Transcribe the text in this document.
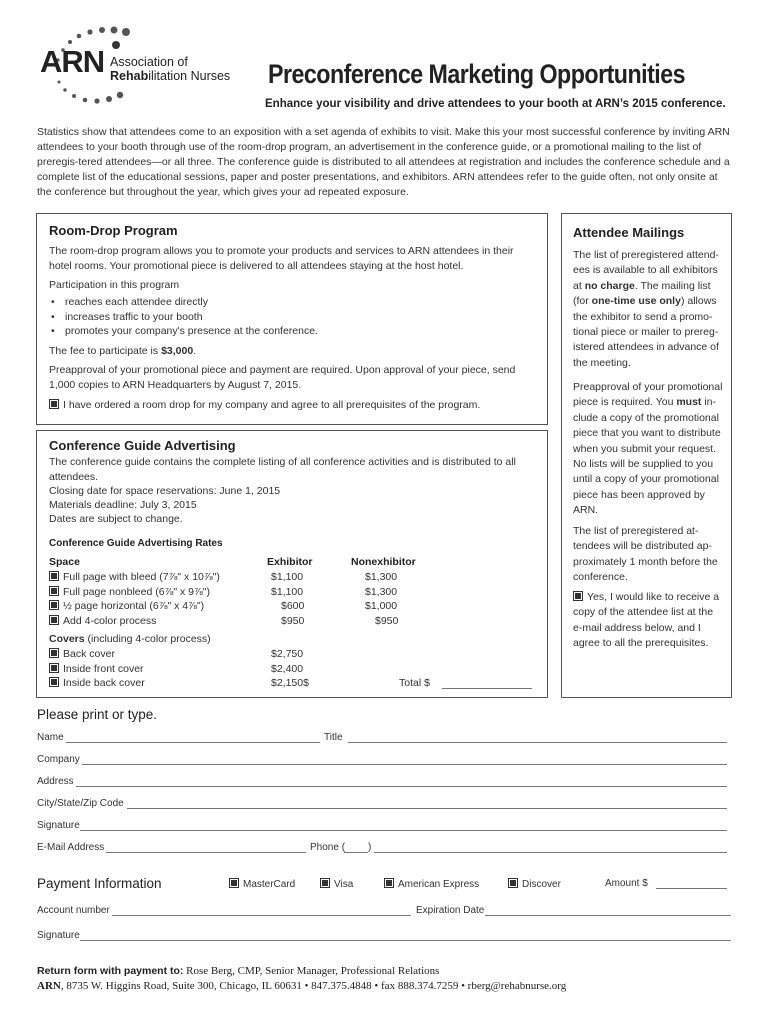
ARN Association of
Rehabilitation Nurses Preconference Marketing Opportunities
Enhance your visibility and drive attendees to your booth at ARN’s 2015 conference.
Statistics show that attendees come to an exposition with a set agenda of exhibits to visit. Make this your most successful conference by inviting ARN attendees to your booth through use of the room-drop program, an advertisement in the conference guide, or a promotional mailing to the list of preregis-tered attendees—or all three. The conference guide is distributed to all attendees at registration and includes the conference schedule and a complete list of the educational sessions, paper and poster presentations, and exhibitors. ARN attendees refer to the guide often, not only onsite at the conference but throughout the year, which gives your ad repeated exposure.
Room-Drop Program
The room-drop program allows you to promote your products and services to ARN attendees in their hotel rooms. Your promotional piece is delivered to all attendees staying at the host hotel.
Participation in this program
• reaches each attendee directly
• increases traffic to your booth
• promotes your company's presence at the conference.
The fee to participate is $3,000.
Preapproval of your promotional piece and payment are required. Upon approval of your piece, send 1,000 copies to ARN Headquarters by August 7, 2015.
I have ordered a room drop for my company and agree to all prerequisites of the program.
Conference Guide Advertising
The conference guide contains the complete listing of all conference activities and is distributed to all attendees.
Closing date for space reservations: June 1, 2015
Materials deadline: July 3, 2015
Dates are subject to change.
Conference Guide Advertising Rates
Space	Exhibitor	Nonexhibitor
Full page with bleed (7⅞" x 10⅞")	$1,100	$1,300
Full page nonbleed (6⅞" x 9⅞")	$1,100	$1,300
½ page horizontal (6⅞" x 4⅞")	$600	$1,000
Add 4-color process	$950	$950
Covers (including 4-color process)
Back cover	$2,750
Inside front cover	$2,400
Inside back cover	$2,150$	Total $
Attendee Mailings
The list of preregistered attend-ees is available to all exhibitors at no charge. The mailing list (for one-time use only) allows the exhibitor to send a promo-tional piece or mailer to prereg-istered attendees in advance of the meeting.
Preapproval of your promotional piece is required. You must in-clude a copy of the promotional piece that you want to distribute when you submit your request. No lists will be supplied to you until a copy of your promotional piece has been approved by ARN.
The list of preregistered at-tendees will be distributed ap-proximately 1 month before the conference.
Yes, I would like to receive a copy of the attendee list at the e-mail address below, and I agree to all the prerequisites.
Please print or type.
Name	Title
Company
Address
City/State/Zip Code
Signature
E-Mail Address	Phone ( )
Payment Information	MasterCard	Visa	American Express	Discover	Amount $
Account number	Expiration Date
Signature
Return form with payment to: Rose Berg, CMP, Senior Manager, Professional Relations
ARN, 8735 W. Higgins Road, Suite 300, Chicago, IL 60631 • 847.375.4848 • fax 888.374.7259 • rberg@rehabnurse.org
